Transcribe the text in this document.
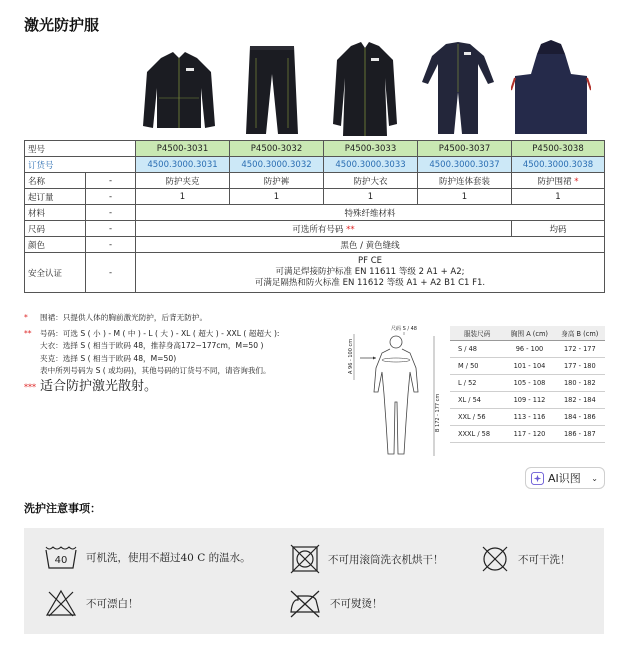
激光防护服
型号		P4500-3031	P4500-3032	P4500-3033	P4500-3037	P4500-3038
订货号		4500.3000.3031	4500.3000.3032	4500.3000.3033	4500.3000.3037	4500.3000.3038
名称	-	防护夹克	防护裤	防护大衣	防护连体套装	防护围裙 *
起订量	-	1	1	1	1	1
材料	-	特殊纤维材料				
尺码	-	可选所有号码 **				均码
颜色	-	黑色 / 黄色缝线				
安全认证	-	PF CE
可满足焊接防护标准 EN 11611 等级 2 A1 + A2;
可满足隔热和防火标准 EN 11612 等级 A1 + A2 B1 C1 F1.				
* 围裙：只提供人体的胸前激光防护，后背无防护。
** 号码：可选 S ( 小 ) - M ( 中 ) - L ( 大 ) - XL ( 超大 ) - XXL ( 超超大 ):
大衣：选择 S ( 相当于欧码 48，推荐身高172~177cm，M=50 )
夹克：选择 S ( 相当于欧码 48，M=50)
表中所列号码为 S ( 或均码)，其他号码的订货号不同，请咨询我们。
*** 适合防护激光散射。
尺码 S / 48
A 96 - 100 cm
B 172 - 177 cm
服装尺码	胸围 A (cm)	身高 B (cm)
S / 48	96 - 100	172 - 177
M / 50	101 - 104	177 - 180
L / 52	105 - 108	180 - 182
XL / 54	109 - 112	182 - 184
XXL / 56	113 - 116	184 - 186
XXXL / 58	117 - 120	186 - 187
AI识图 ⌄
洗护注意事项：
40 可机洗，使用不超过40 C 的温水。	不可用滚筒洗衣机烘干！	不可干洗！
不可漂白！	不可熨烫！
